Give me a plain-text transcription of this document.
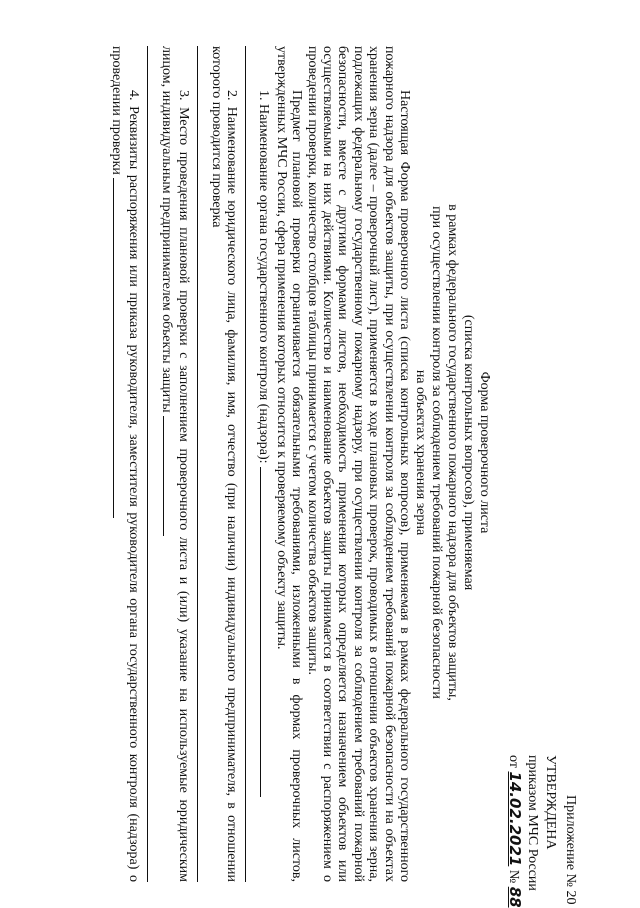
Приложение № 20
УТВЕРЖДЕНА
приказом МЧС России
от 14.02.2021 № 88
Форма проверочного листа
(списка контрольных вопросов), применяемая
в рамках федерального государственного пожарного надзора для объектов защиты,
при осуществлении контроля за соблюдением требований пожарной безопасности
на объектах хранения зерна

Настоящая Форма проверочного листа (списка контрольных вопросов), применяемая в рамках федерального государственного пожарного надзора для объектов защиты, при осуществлении контроля за соблюдением требований пожарной безопасности на объектах хранения зерна (далее – проверочный лист), применяется в ходе плановых проверок, проводимых в отношении объектов хранения зерна, подлежащих федеральному государственному пожарному надзору, при осуществлении контроля за соблюдением требований пожарной безопасности, вместе с другими формами листов, необходимость применения которых определяется назначением объектов или осуществляемыми на них действиями. Количество и наименование объектов защиты принимается в соответствии с распоряжением о проведении проверки, количество столбцов таблицы принимается с учетом количества объектов защиты.

Предмет плановой проверки ограничивается обязательными требованиями, изложенными в формах проверочных листов, утвержденных МЧС России, сфера применения которых относится к проверяемому объекту защиты.

1. Наименование органа государственного контроля (надзора):

2. Наименование юридического лица, фамилия, имя, отчество (при наличии) индивидуального предпринимателя, в отношении которого проводится проверка

3. Место проведения плановой проверки с заполнением проверочного листа и (или) указание на используемые юридическим лицом, индивидуальным предпринимателем объекты защиты

4. Реквизиты распоряжения или приказа руководителя, заместителя руководителя органа государственного контроля (надзора) о проведении проверки
